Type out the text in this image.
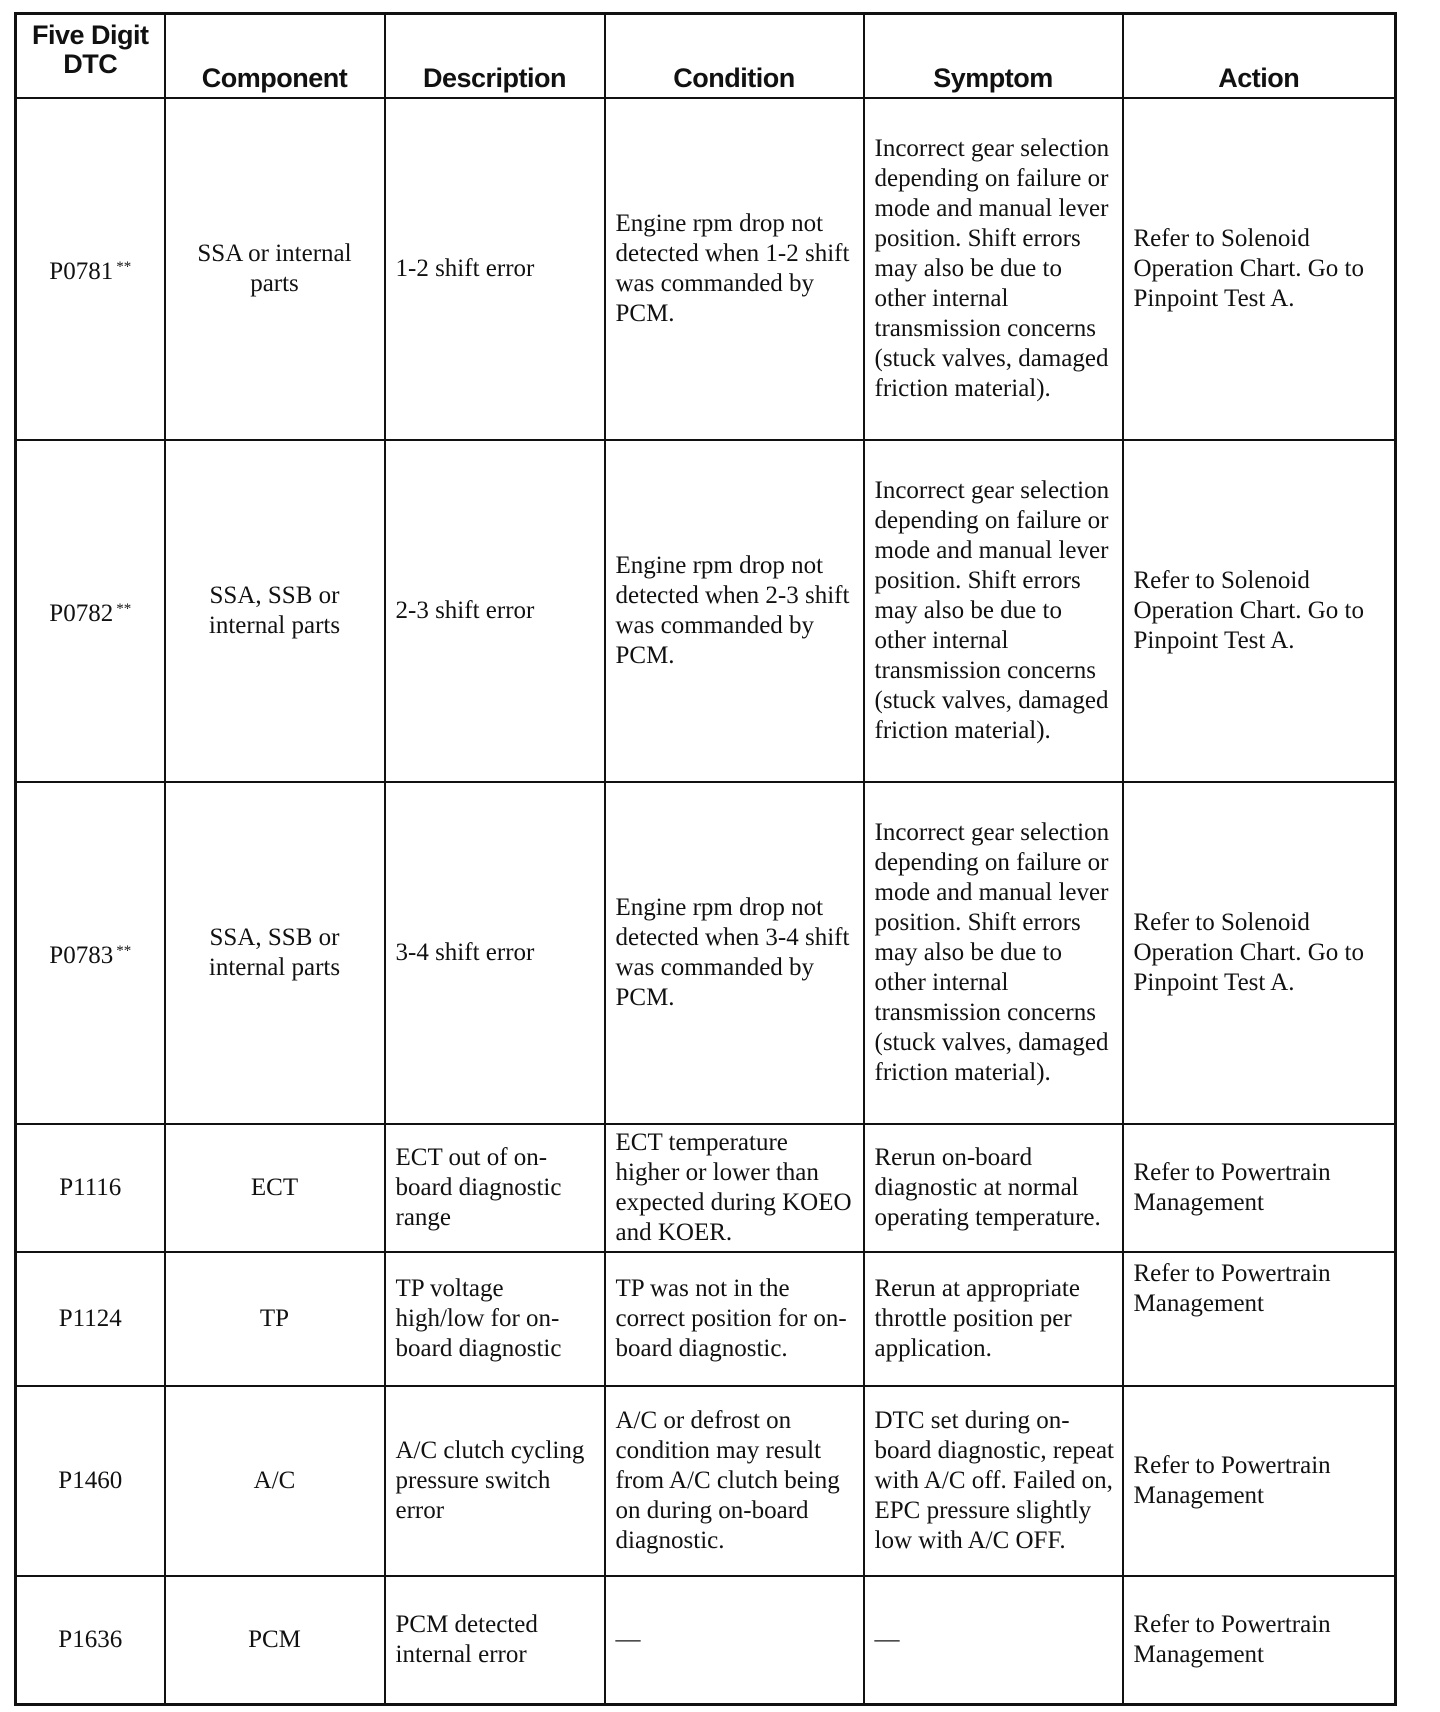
Five Digit DTC	Component	Description	Condition	Symptom	Action
P0781 **	SSA or internal parts	1-2 shift error	Engine rpm drop not detected when 1-2 shift was commanded by PCM.	Incorrect gear selection depending on failure or mode and manual lever position. Shift errors may also be due to other internal transmission concerns (stuck valves, damaged friction material).	Refer to Solenoid Operation Chart. Go to Pinpoint Test A.
P0782 **	SSA, SSB or internal parts	2-3 shift error	Engine rpm drop not detected when 2-3 shift was commanded by PCM.	Incorrect gear selection depending on failure or mode and manual lever position. Shift errors may also be due to other internal transmission concerns (stuck valves, damaged friction material).	Refer to Solenoid Operation Chart. Go to Pinpoint Test A.
P0783 **	SSA, SSB or internal parts	3-4 shift error	Engine rpm drop not detected when 3-4 shift was commanded by PCM.	Incorrect gear selection depending on failure or mode and manual lever position. Shift errors may also be due to other internal transmission concerns (stuck valves, damaged friction material).	Refer to Solenoid Operation Chart. Go to Pinpoint Test A.
P1116	ECT	ECT out of on-board diagnostic range	ECT temperature higher or lower than expected during KOEO and KOER.	Rerun on-board diagnostic at normal operating temperature.	Refer to Powertrain Management
P1124	TP	TP voltage high/low for on-board diagnostic	TP was not in the correct position for on-board diagnostic.	Rerun at appropriate throttle position per application.	Refer to Powertrain Management
P1460	A/C	A/C clutch cycling pressure switch error	A/C or defrost on condition may result from A/C clutch being on during on-board diagnostic.	DTC set during on-board diagnostic, repeat with A/C off. Failed on, EPC pressure slightly low with A/C OFF.	Refer to Powertrain Management
P1636	PCM	PCM detected internal error	—	—	Refer to Powertrain Management
